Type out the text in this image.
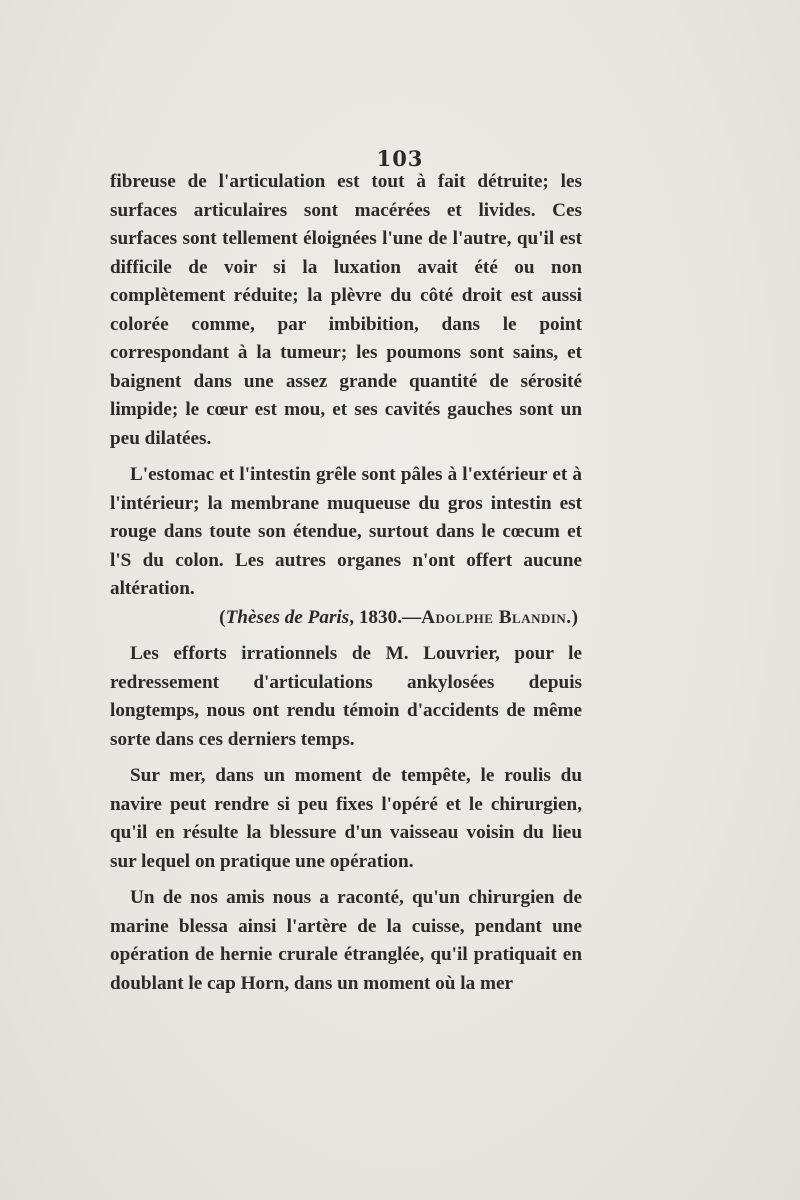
103

fibreuse de l'articulation est tout à fait détruite; les surfaces articulaires sont macérées et livides. Ces surfaces sont tellement éloignées l'une de l'autre, qu'il est difficile de voir si la luxation avait été ou non complètement réduite; la plèvre du côté droit est aussi colorée comme, par imbibition, dans le point correspondant à la tumeur; les poumons sont sains, et baignent dans une assez grande quantité de sérosité limpide; le cœur est mou, et ses cavités gauches sont un peu dilatées.

L'estomac et l'intestin grêle sont pâles à l'extérieur et à l'intérieur; la membrane muqueuse du gros intestin est rouge dans toute son étendue, surtout dans le cœcum et l'S du colon. Les autres organes n'ont offert aucune altération.

(Thèses de Paris, 1830.—Adolphe Blandin.)

Les efforts irrationnels de M. Louvrier, pour le redressement d'articulations ankylosées depuis longtemps, nous ont rendu témoin d'accidents de même sorte dans ces derniers temps.

Sur mer, dans un moment de tempête, le roulis du navire peut rendre si peu fixes l'opéré et le chirurgien, qu'il en résulte la blessure d'un vaisseau voisin du lieu sur lequel on pratique une opération.

Un de nos amis nous a raconté, qu'un chirurgien de marine blessa ainsi l'artère de la cuisse, pendant une opération de hernie crurale étranglée, qu'il pratiquait en doublant le cap Horn, dans un moment où la mer
